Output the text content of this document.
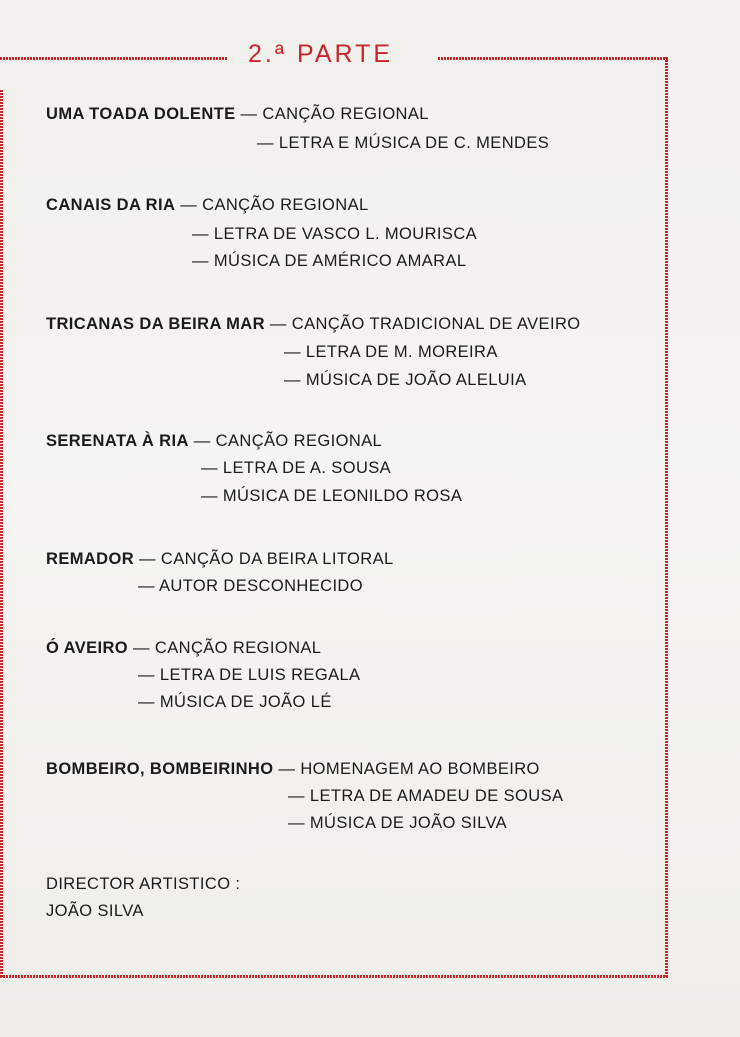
2.ª PARTE
UMA TOADA DOLENTE — CANÇÃO REGIONAL
— LETRA E MÚSICA DE C. MENDES
CANAIS DA RIA — CANÇÃO REGIONAL
— LETRA DE VASCO L. MOURISCA
— MÚSICA DE AMÉRICO AMARAL
TRICANAS DA BEIRA MAR — CANÇÃO TRADICIONAL DE AVEIRO
— LETRA DE M. MOREIRA
— MÚSICA DE JOÃO ALELUIA
SERENATA À RIA — CANÇÃO REGIONAL
— LETRA DE A. SOUSA
— MÚSICA DE LEONILDO ROSA
REMADOR — CANÇÃO DA BEIRA LITORAL
— AUTOR DESCONHECIDO
Ó AVEIRO — CANÇÃO REGIONAL
— LETRA DE LUIS REGALA
— MÚSICA DE JOÃO LÉ
BOMBEIRO, BOMBEIRINHO — HOMENAGEM AO BOMBEIRO
— LETRA DE AMADEU DE SOUSA
— MÚSICA DE JOÃO SILVA
DIRECTOR ARTISTICO :
JOÃO SILVA
